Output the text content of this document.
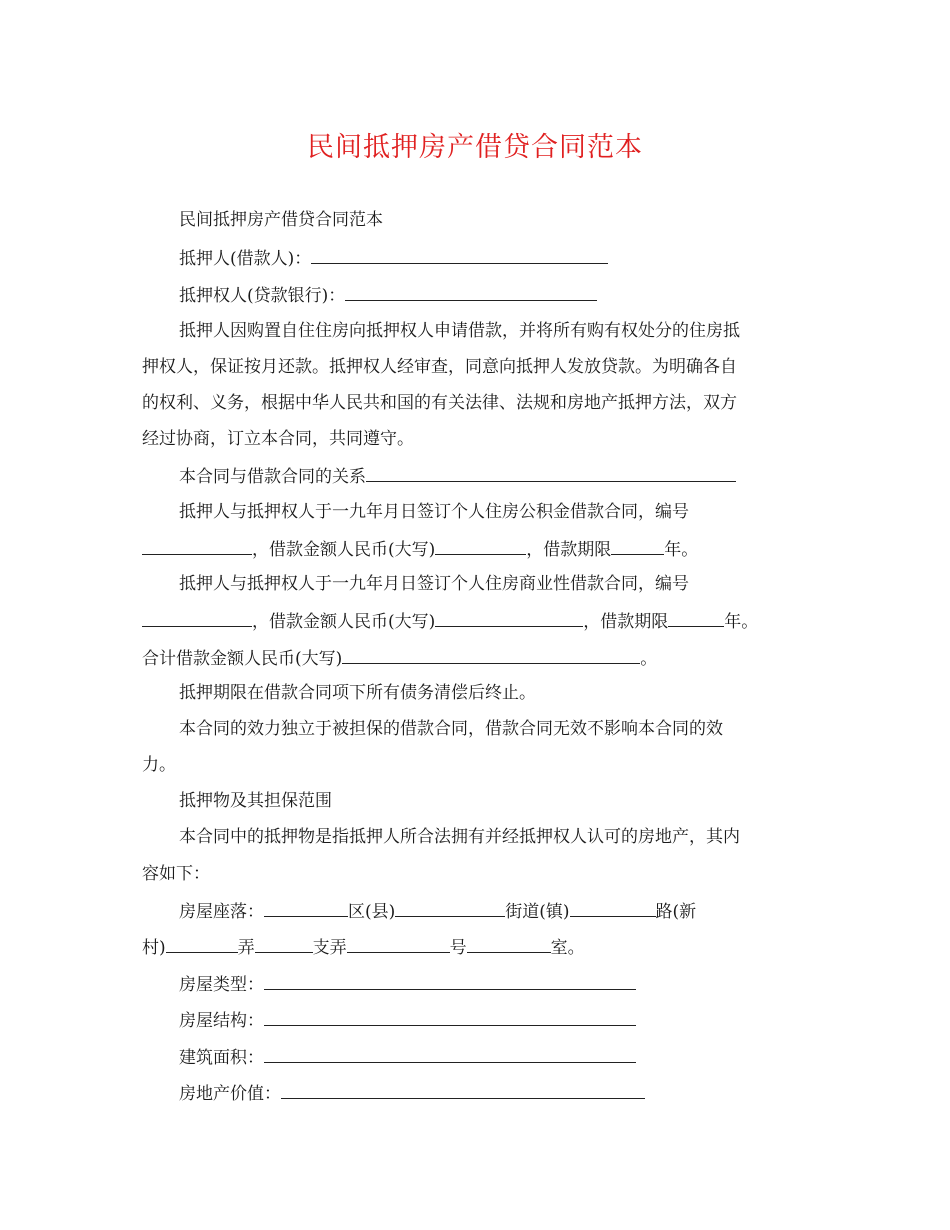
民间抵押房产借贷合同范本
民间抵押房产借贷合同范本
抵押人(借款人)：
抵押权人(贷款银行)：
抵押人因购置自住住房向抵押权人申请借款，并将所有购有权处分的住房抵
押权人，保证按月还款。抵押权人经审查，同意向抵押人发放贷款。为明确各自
的权利、义务，根据中华人民共和国的有关法律、法规和房地产抵押方法，双方
经过协商，订立本合同，共同遵守。
本合同与借款合同的关系
抵押人与抵押权人于一九年月日签订个人住房公积金借款合同，编号
，借款金额人民币(大写)	，借款期限	年。
抵押人与抵押权人于一九年月日签订个人住房商业性借款合同，编号
，借款金额人民币(大写)	，借款期限	年。
合计借款金额人民币(大写)	。
抵押期限在借款合同项下所有债务清偿后终止。
本合同的效力独立于被担保的借款合同，借款合同无效不影响本合同的效
力。
抵押物及其担保范围
本合同中的抵押物是指抵押人所合法拥有并经抵押权人认可的房地产，其内
容如下：
房屋座落：	区(县)	街道(镇)	路(新
村)	弄	支弄	号	室。
房屋类型：
房屋结构：
建筑面积：
房地产价值：
